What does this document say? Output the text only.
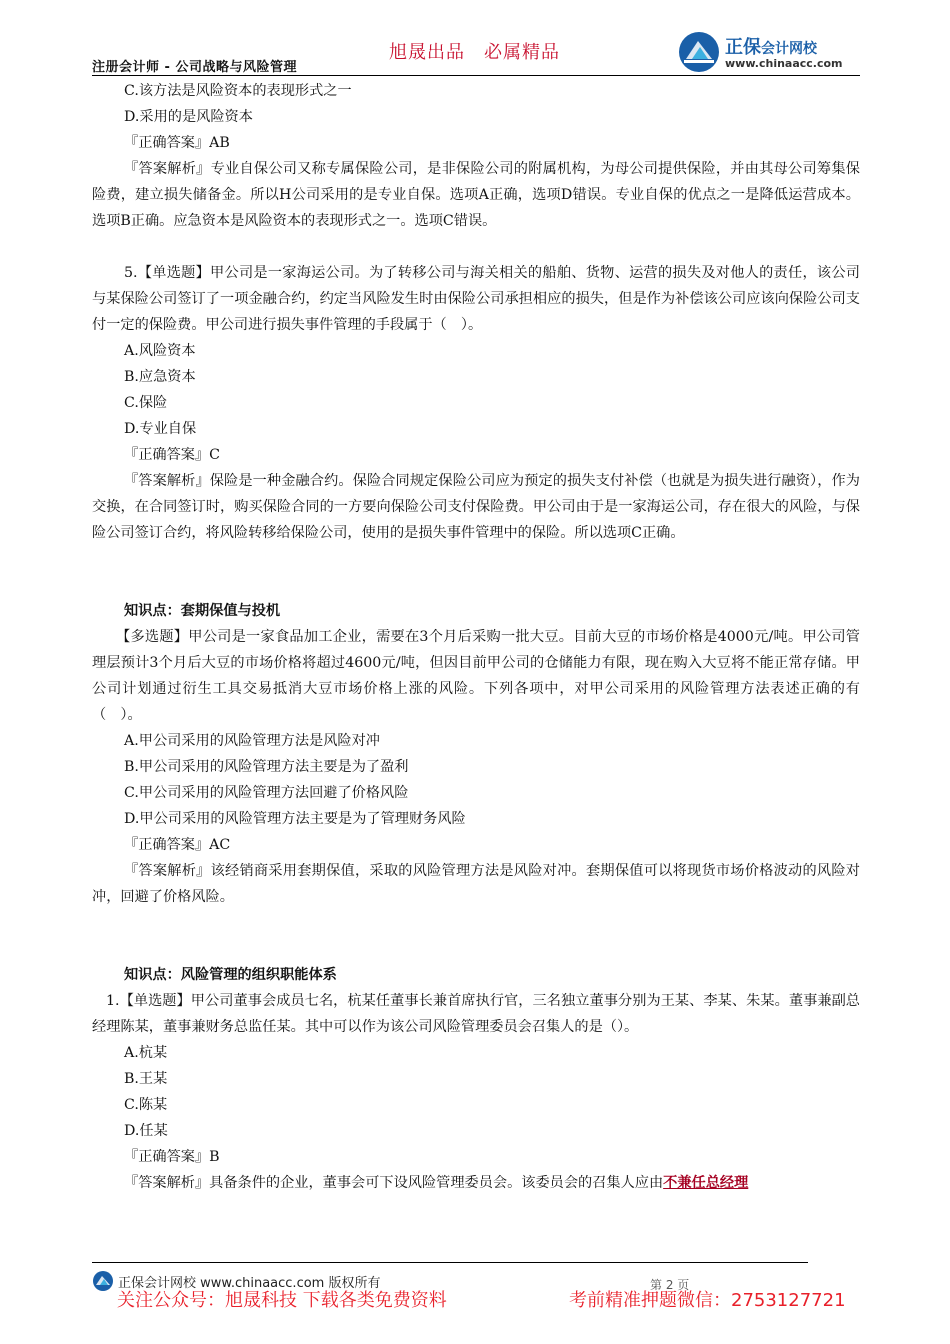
旭晟出品　必属精品
注册会计师 - 公司战略与风险管理
正保会计网校
www.chinaacc.com

C.该方法是风险资本的表现形式之一

D.采用的是风险资本

『正确答案』AB

『答案解析』专业自保公司又称专属保险公司，是非保险公司的附属机构，为母公司提供保险，并由其母公司筹集保险费，建立损失储备金。所以H公司采用的是专业自保。选项A正确，选项D错误。专业自保的优点之一是降低运营成本。选项B正确。应急资本是风险资本的表现形式之一。选项C错误。

5.【单选题】甲公司是一家海运公司。为了转移公司与海关相关的船舶、货物、运营的损失及对他人的责任，该公司与某保险公司签订了一项金融合约，约定当风险发生时由保险公司承担相应的损失，但是作为补偿该公司应该向保险公司支付一定的保险费。甲公司进行损失事件管理的手段属于（　）。

A.风险资本

B.应急资本

C.保险

D.专业自保

『正确答案』C

『答案解析』保险是一种金融合约。保险合同规定保险公司应为预定的损失支付补偿（也就是为损失进行融资），作为交换，在合同签订时，购买保险合同的一方要向保险公司支付保险费。甲公司由于是一家海运公司，存在很大的风险，与保险公司签订合约，将风险转移给保险公司，使用的是损失事件管理中的保险。所以选项C正确。

知识点：套期保值与投机

【多选题】甲公司是一家食品加工企业，需要在3个月后采购一批大豆。目前大豆的市场价格是4000元/吨。甲公司管理层预计3个月后大豆的市场价格将超过4600元/吨，但因目前甲公司的仓储能力有限，现在购入大豆将不能正常存储。甲公司计划通过衍生工具交易抵消大豆市场价格上涨的风险。下列各项中，对甲公司采用的风险管理方法表述正确的有（　）。

A.甲公司采用的风险管理方法是风险对冲

B.甲公司采用的风险管理方法主要是为了盈利

C.甲公司采用的风险管理方法回避了价格风险

D.甲公司采用的风险管理方法主要是为了管理财务风险

『正确答案』AC

『答案解析』该经销商采用套期保值，采取的风险管理方法是风险对冲。套期保值可以将现货市场价格波动的风险对冲，回避了价格风险。

知识点：风险管理的组织职能体系

1.【单选题】甲公司董事会成员七名，杭某任董事长兼首席执行官，三名独立董事分别为王某、李某、朱某。董事兼副总经理陈某，董事兼财务总监任某。其中可以作为该公司风险管理委员会召集人的是（）。

A.杭某

B.王某

C.陈某

D.任某

『正确答案』B

『答案解析』具备条件的企业，董事会可下设风险管理委员会。该委员会的召集人应由不兼任总经理

正保会计网校 www.chinaacc.com 版权所有	第 2 页
关注公众号：旭晟科技 下载各类免费资料	考前精准押题微信：2753127721
